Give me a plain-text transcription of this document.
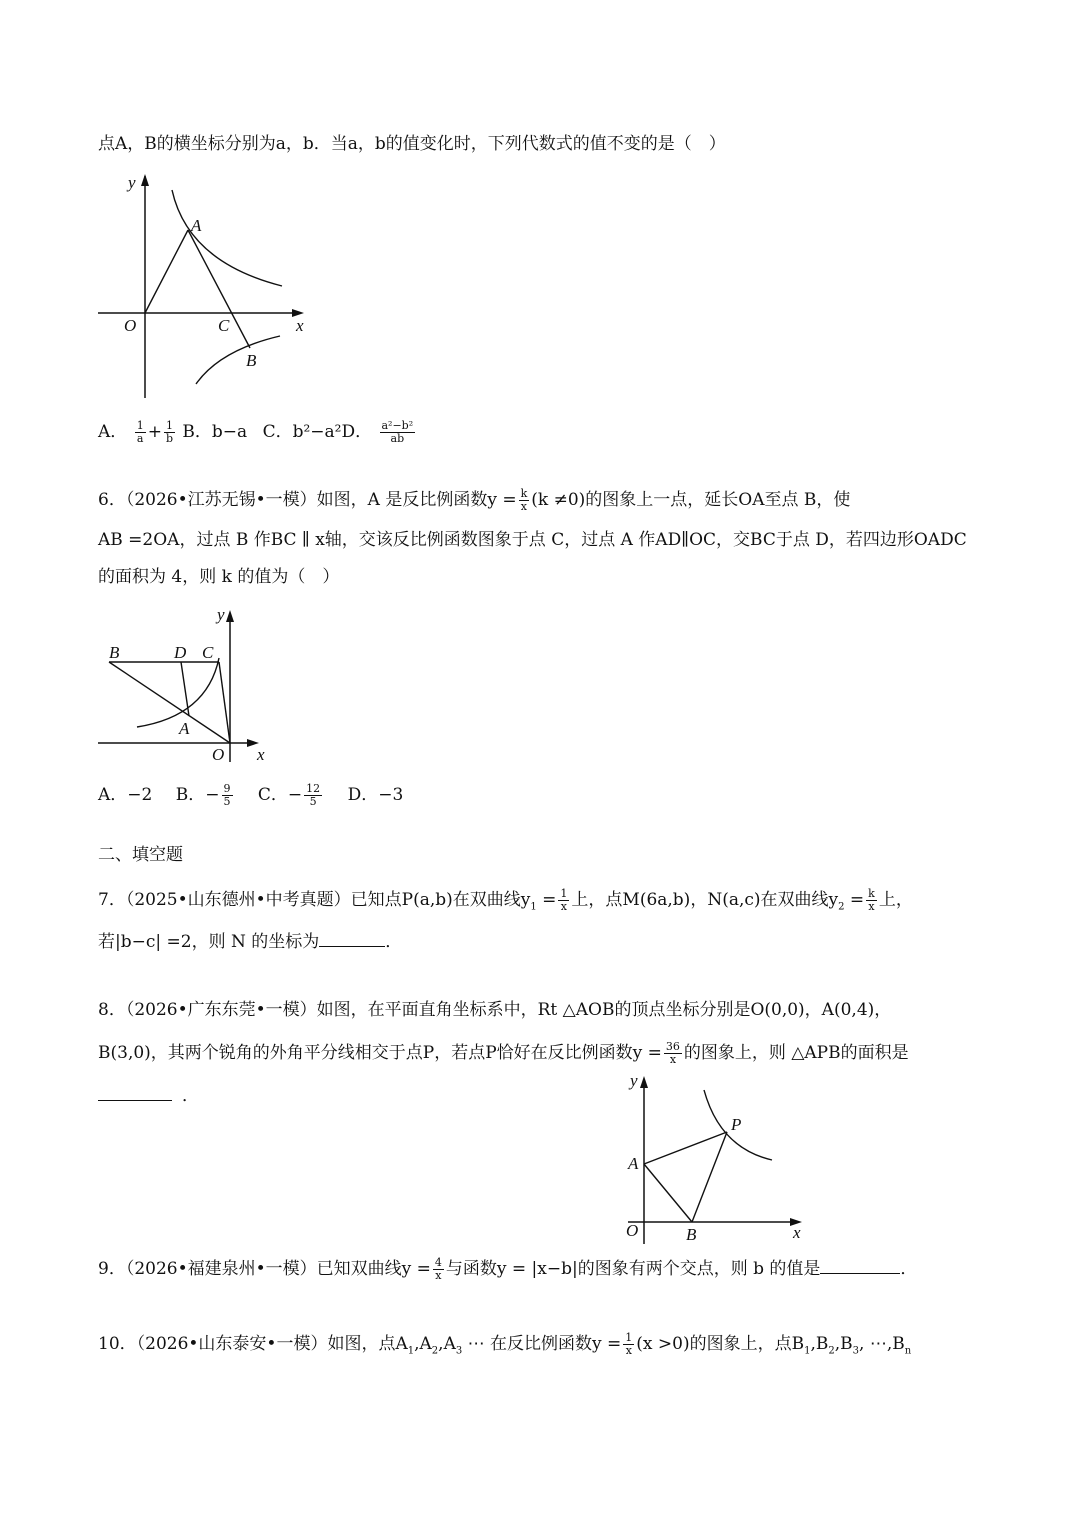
点A，B的横坐标分别为a，b．当a，b的值变化时，下列代数式的值不变的是（　）
y
A
O	C	x
B
A． $\frac{1}{a} + \frac{1}{b}$ B．b−a C．b²−a²D． $\frac{\text{a²−b²}}{ab}$
6．（2026•江苏无锡•一模）如图，A 是反比例函数$y = \frac{k}{x} (k \ne 0)$的图象上一点，延长OA至点 B，使
AB =2OA，过点 B 作BC ∥ x轴，交该反比例函数图象于点 C，过点 A 作AD∥OC，交BC于点 D，若四边形OADC
的面积为 4，则 k 的值为（　）
y
B	D C
A
O x
A．−2 B．− $\frac{9}{5}$ C．− $\frac{12}{5}$ D．−3
二、填空题
7．（2025•山东德州•中考真题）已知点P(a,b)在双曲线$y_1 = \frac{1}{x}$ 上，点M(6a,b)，N(a,c)在双曲线$y_2 = \frac{k}{x}$ 上，
若|b−c| =2，则 N 的坐标为	．
8．（2026•广东东莞•一模）如图，在平面直角坐标系中，Rt △AOB的顶点坐标分别是O(0,0)，A(0,4)，
B(3,0)，其两个锐角的外角平分线相交于点P，若点P恰好在反比例函数$y = \frac{36}{x}$ 的图象上，则 △APB的面积是
．
y
P
A
O	B	x
9．（2026•福建泉州•一模）已知双曲线$y = \frac{4}{x}$ 与函数y = |x−b|的图象有两个交点，则 b 的值是	．
10．（2026•山东泰安•一模）如图，点$A_1,A_2,A_3$ ⋯ 在反比例函数$y = \frac{1}{x} (x >0)$的图象上，点$B_1,B_2,B_3$, $\cdots,B_n$
